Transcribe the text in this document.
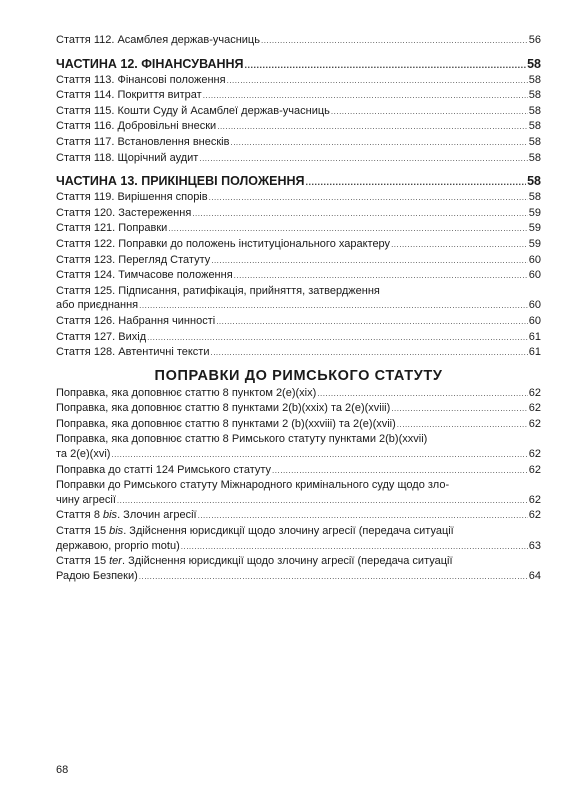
Стаття 112. Асамблея держав-учасниць .....	56
ЧАСТИНА 12. ФІНАНСУВАННЯ .....	58
Стаття 113. Фінансові положення .....	58
Стаття 114. Покриття витрат .....	58
Стаття 115. Кошти Суду й Асамблеї держав-учасниць .....	58
Стаття 116. Добровільні внески .....	58
Стаття 117. Встановлення внесків .....	58
Стаття 118. Щорічний аудит .....	58
ЧАСТИНА 13. ПРИКІНЦЕВІ ПОЛОЖЕННЯ .....	58
Стаття 119. Вирішення спорів .....	58
Стаття 120. Застереження .....	59
Стаття 121. Поправки .....	59
Стаття 122. Поправки до положень інституціонального характеру .....	59
Стаття 123. Перегляд Статуту .....	60
Стаття 124. Тимчасове положення .....	60
Стаття 125. Підписання, ратифікація, прийняття, затвердження
або приєднання .....	60
Стаття 126. Набрання чинності .....	60
Стаття 127. Вихід .....	61
Стаття 128. Автентичні тексти .....	61
ПОПРАВКИ ДО РИМСЬКОГО СТАТУТУ
Поправка, яка доповнює статтю 8 пунктом 2(e)(xix) .....	62
Поправка, яка доповнює статтю 8 пунктами 2(b)(xxix) та 2(e)(xviii) .....	62
Поправка, яка доповнює статтю 8 пунктами 2 (b)(xxviii) та 2(e)(xvii) .....	62
Поправка, яка доповнює статтю 8 Римського статуту пунктами 2(b)(xxvii)
та 2(e)(xvi) .....	62
Поправка до статті 124 Римського статуту .....	62
Поправки до Римського статуту Міжнародного кримінального суду щодо зло-
чину агресії .....	62
Стаття 8 bis. Злочин агресії .....	62
Стаття 15 bis. Здійснення юрисдикції щодо злочину агресії (передача ситуації
державою, proprio motu) .....	63
Стаття 15 ter. Здійснення юрисдикції щодо злочину агресії (передача ситуації
Радою Безпеки) .....	64
68
